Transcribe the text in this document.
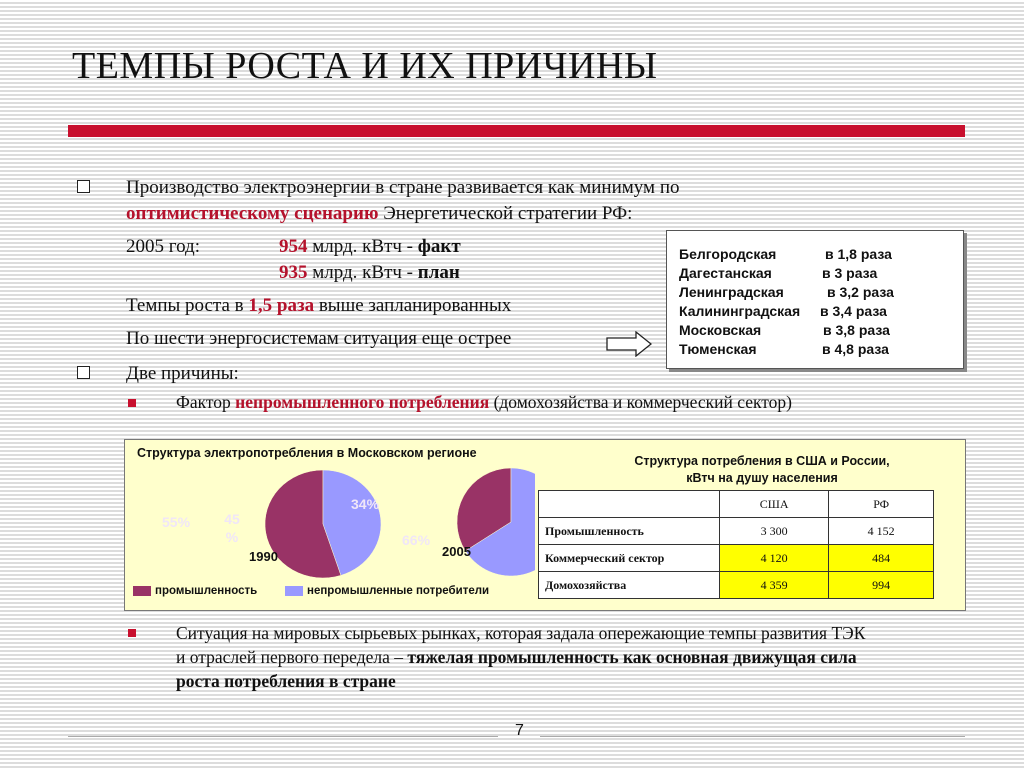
ТЕМПЫ РОСТА И ИХ ПРИЧИНЫ
Производство электроэнергии в стране развивается как минимум по
оптимистическому сценарию Энергетической стратегии РФ:
2005 год:	954 млрд. кВтч - факт
935 млрд. кВтч - план
Темпы роста в 1,5 раза выше запланированных
По шести энергосистемам ситуация еще острее
Белгородская	в 1,8 раза
Дагестанская	в 3 раза
Ленинградская	в 3,2 раза
Калининградская в 3,4 раза
Московская	в 3,8 раза
Тюменская	в 4,8 раза
Две причины:
Фактор непромышленного потребления (домохозяйства и коммерческий сектор)
Структура электропотребления в Московском регионе
55% 45 %
34%
66%
1990	2005
промышленность	непромышленные потребители
Структура потребления в США и России,
кВтч на душу населения
	США	РФ
Промышленность	3 300	4 152
Коммерческий сектор	4 120	484
Домохозяйства	4 359	994
Ситуация на мировых сырьевых рынках, которая задала опережающие темпы развития ТЭК
и отраслей первого передела – тяжелая промышленность как основная движущая сила
роста потребления в стране
7
